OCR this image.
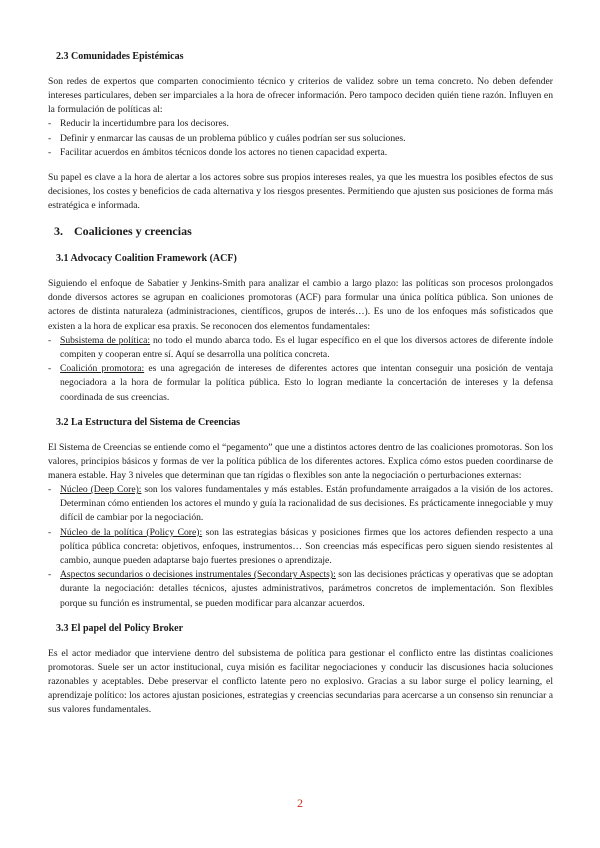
2.3 Comunidades Epistémicas

Son redes de expertos que comparten conocimiento técnico y criterios de validez sobre un tema concreto. No deben defender intereses particulares, deben ser imparciales a la hora de ofrecer información. Pero tampoco deciden quién tiene razón. Influyen en la formulación de políticas al:

- Reducir la incertidumbre para los decisores.
- Definir y enmarcar las causas de un problema público y cuáles podrían ser sus soluciones.
- Facilitar acuerdos en ámbitos técnicos donde los actores no tienen capacidad experta.

Su papel es clave a la hora de alertar a los actores sobre sus propios intereses reales, ya que les muestra los posibles efectos de sus decisiones, los costes y beneficios de cada alternativa y los riesgos presentes. Permitiendo que ajusten sus posiciones de forma más estratégica e informada.

3. Coaliciones y creencias
3.1 Advocacy Coalition Framework (ACF)

Siguiendo el enfoque de Sabatier y Jenkins-Smith para analizar el cambio a largo plazo: las políticas son procesos prolongados donde diversos actores se agrupan en coaliciones promotoras (ACF) para formular una única política pública. Son uniones de actores de distinta naturaleza (administraciones, científicos, grupos de interés…). Es uno de los enfoques más sofisticados que existen a la hora de explicar esa praxis. Se reconocen dos elementos fundamentales:

- Subsistema de política: no todo el mundo abarca todo. Es el lugar específico en el que los diversos actores de diferente índole compiten y cooperan entre sí. Aquí se desarrolla una política concreta.
- Coalición promotora: es una agregación de intereses de diferentes actores que intentan conseguir una posición de ventaja negociadora a la hora de formular la política pública. Esto lo logran mediante la concertación de intereses y la defensa coordinada de sus creencias.
3.2 La Estructura del Sistema de Creencias

El Sistema de Creencias se entiende como el “pegamento” que une a distintos actores dentro de las coaliciones promotoras. Son los valores, principios básicos y formas de ver la política pública de los diferentes actores. Explica cómo estos pueden coordinarse de manera estable. Hay 3 niveles que determinan que tan rígidas o flexibles son ante la negociación o perturbaciones externas:

- Núcleo (Deep Core): son los valores fundamentales y más estables. Están profundamente arraigados a la visión de los actores. Determinan cómo entienden los actores el mundo y guía la racionalidad de sus decisiones. Es prácticamente innegociable y muy difícil de cambiar por la negociación.
- Núcleo de la política (Policy Core): son las estrategias básicas y posiciones firmes que los actores defienden respecto a una política pública concreta: objetivos, enfoques, instrumentos… Son creencias más específicas pero siguen siendo resistentes al cambio, aunque pueden adaptarse bajo fuertes presiones o aprendizaje.
- Aspectos secundarios o decisiones instrumentales (Secondary Aspects): son las decisiones prácticas y operativas que se adoptan durante la negociación: detalles técnicos, ajustes administrativos, parámetros concretos de implementación. Son flexibles porque su función es instrumental, se pueden modificar para alcanzar acuerdos.
3.3 El papel del Policy Broker

Es el actor mediador que interviene dentro del subsistema de política para gestionar el conflicto entre las distintas coaliciones promotoras. Suele ser un actor institucional, cuya misión es facilitar negociaciones y conducir las discusiones hacia soluciones razonables y aceptables. Debe preservar el conflicto latente pero no explosivo. Gracias a su labor surge el policy learning, el aprendizaje político: los actores ajustan posiciones, estrategias y creencias secundarias para acercarse a un consenso sin renunciar a sus valores fundamentales.

2
